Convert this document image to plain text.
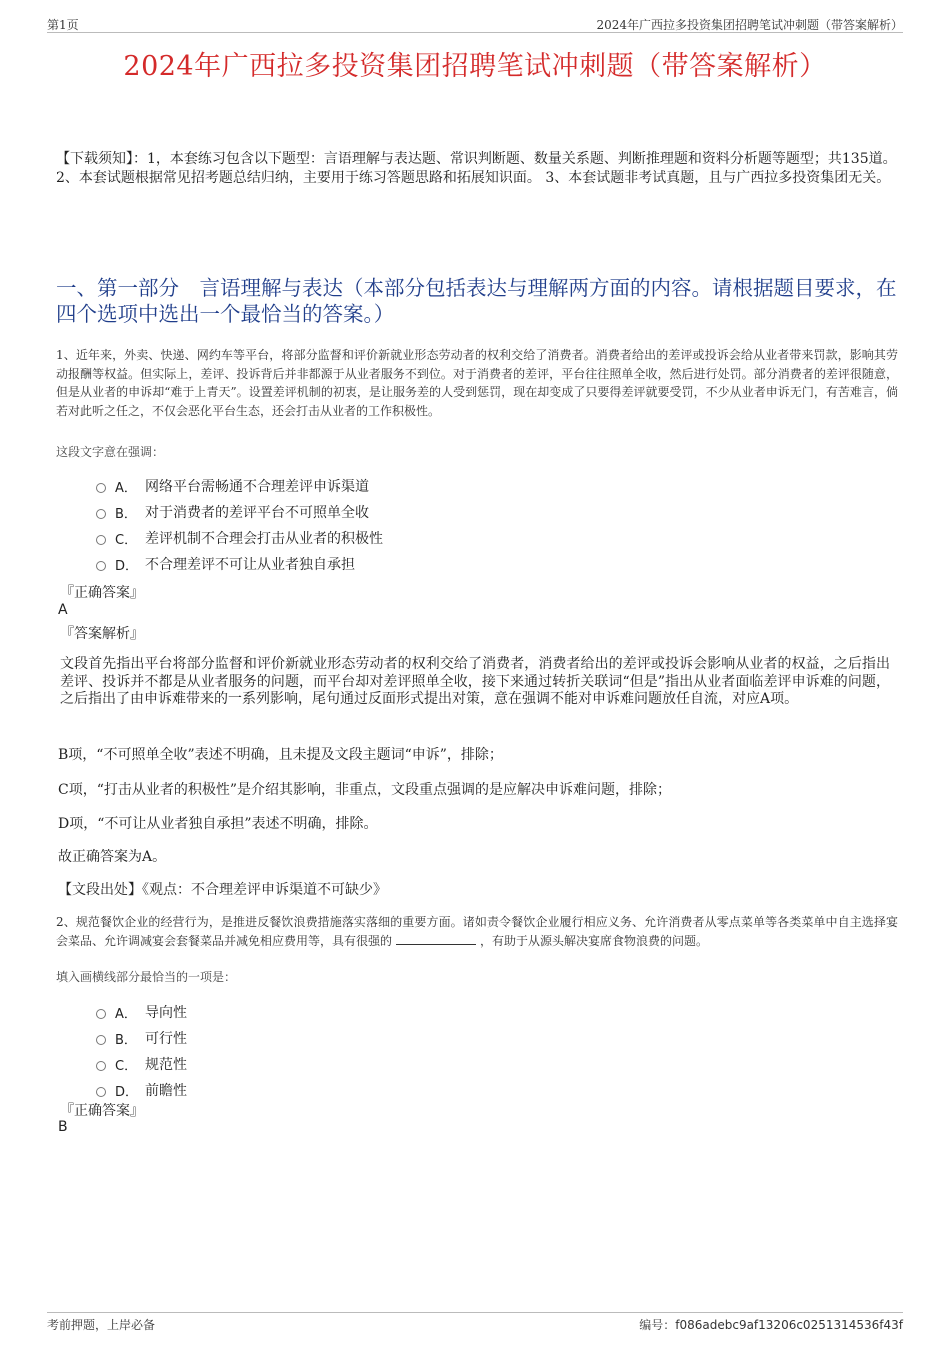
第1页	2024年广西拉多投资集团招聘笔试冲刺题（带答案解析）
2024年广西拉多投资集团招聘笔试冲刺题（带答案解析）
【下载须知】：1，本套练习包含以下题型：言语理解与表达题、常识判断题、数量关系题、判断推理题和资料分析题等题型；共135道。 2、本套试题根据常见招考题总结归纳，主要用于练习答题思路和拓展知识面。 3、本套试题非考试真题，且与广西拉多投资集团无关。
一、第一部分　言语理解与表达（本部分包括表达与理解两方面的内容。请根据题目要求，在四个选项中选出一个最恰当的答案。）
1、近年来，外卖、快递、网约车等平台，将部分监督和评价新就业形态劳动者的权利交给了消费者。消费者给出的差评或投诉会给从业者带来罚款，影响其劳动报酬等权益。但实际上，差评、投诉背后并非都源于从业者服务不到位。对于消费者的差评，平台往往照单全收，然后进行处罚。部分消费者的差评很随意，但是从业者的申诉却“难于上青天”。设置差评机制的初衷，是让服务差的人受到惩罚，现在却变成了只要得差评就要受罚，不少从业者申诉无门，有苦难言，倘若对此听之任之，不仅会恶化平台生态，还会打击从业者的工作积极性。
这段文字意在强调：
A． 网络平台需畅通不合理差评申诉渠道
B． 对于消费者的差评平台不可照单全收
C． 差评机制不合理会打击从业者的积极性
D． 不合理差评不可让从业者独自承担
『正确答案』
A
『答案解析』
文段首先指出平台将部分监督和评价新就业形态劳动者的权利交给了消费者，消费者给出的差评或投诉会影响从业者的权益，之后指出差评、投诉并不都是从业者服务的问题，而平台却对差评照单全收，接下来通过转折关联词“但是”指出从业者面临差评申诉难的问题，之后指出了由申诉难带来的一系列影响，尾句通过反面形式提出对策，意在强调不能对申诉难问题放任自流，对应A项。
B项，“不可照单全收”表述不明确，且未提及文段主题词“申诉”，排除；
C项，“打击从业者的积极性”是介绍其影响，非重点，文段重点强调的是应解决申诉难问题，排除；
D项，“不可让从业者独自承担”表述不明确，排除。
故正确答案为A。
【文段出处】《观点：不合理差评申诉渠道不可缺少》
2、规范餐饮企业的经营行为，是推进反餐饮浪费措施落实落细的重要方面。诸如责令餐饮企业履行相应义务、允许消费者从零点菜单等各类菜单中自主选择宴会菜品、允许调减宴会套餐菜品并减免相应费用等，具有很强的	，有助于从源头解决宴席食物浪费的问题。
填入画横线部分最恰当的一项是：
A． 导向性
B． 可行性
C． 规范性
D． 前瞻性
『正确答案』
B
考前押题，上岸必备	编号：f086adebc9af13206c0251314536f43f
